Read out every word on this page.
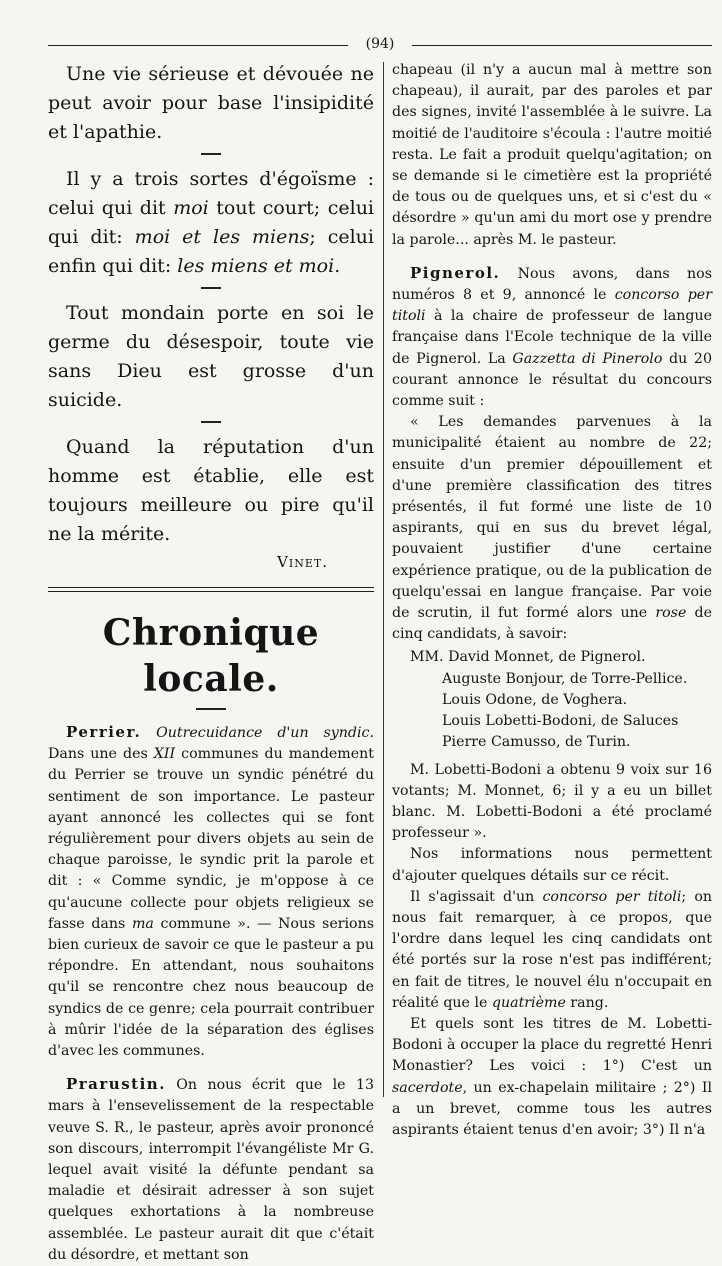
(94)

Une vie sérieuse et dévouée ne peut avoir pour base l'insipidité et l'apathie.

Il y a trois sortes d'égoïsme : celui qui dit moi tout court; celui qui dit: moi et les miens; celui enfin qui dit: les miens et moi.

Tout mondain porte en soi le germe du désespoir, toute vie sans Dieu est grosse d'un suicide.

Quand la réputation d'un homme est établie, elle est toujours meilleure ou pire qu'il ne la mérite.

Vinet.
Chronique locale.

Perrier. Outrecuidance d'un syndic. Dans une des XII communes du mandement du Perrier se trouve un syndic pénétré du sentiment de son importance. Le pasteur ayant annoncé les collectes qui se font régulièrement pour divers objets au sein de chaque paroisse, le syndic prit la parole et dit : « Comme syndic, je m'oppose à ce qu'aucune collecte pour objets religieux se fasse dans ma commune ». — Nous serions bien curieux de savoir ce que le pasteur a pu répondre. En attendant, nous souhaitons qu'il se rencontre chez nous beaucoup de syndics de ce genre; cela pourrait contribuer à mûrir l'idée de la séparation des églises d'avec les communes.

Prarustin. On nous écrit que le 13 mars à l'ensevelissement de la respectable veuve S. R., le pasteur, après avoir prononcé son discours, interrompit l'évangéliste Mr G. lequel avait visité la défunte pendant sa maladie et désirait adresser à son sujet quelques exhortations à la nombreuse assemblée. Le pasteur aurait dit que c'était du désordre, et mettant son

chapeau (il n'y a aucun mal à mettre son chapeau), il aurait, par des paroles et par des signes, invité l'assemblée à le suivre. La moitié de l'auditoire s'écoula : l'autre moitié resta. Le fait a produit quelqu'agitation; on se demande si le cimetière est la propriété de tous ou de quelques uns, et si c'est du « désordre » qu'un ami du mort ose y prendre la parole... après M. le pasteur.

Pignerol. Nous avons, dans nos numéros 8 et 9, annoncé le concorso per titoli à la chaire de professeur de langue française dans l'Ecole technique de la ville de Pignerol. La Gazzetta di Pinerolo du 20 courant annonce le résultat du concours comme suit :

« Les demandes parvenues à la municipalité étaient au nombre de 22; ensuite d'un premier dépouillement et d'une première classification des titres présentés, il fut formé une liste de 10 aspirants, qui en sus du brevet légal, pouvaient justifier d'une certaine expérience pratique, ou de la publication de quelqu'essai en langue française. Par voie de scrutin, il fut formé alors une rose de cinq candidats, à savoir:

MM. David Monnet, de Pignerol.
Auguste Bonjour, de Torre-Pellice.
Louis Odone, de Voghera.
Louis Lobetti-Bodoni, de Saluces
Pierre Camusso, de Turin.

M. Lobetti-Bodoni a obtenu 9 voix sur 16 votants; M. Monnet, 6; il y a eu un billet blanc. M. Lobetti-Bodoni a été proclamé professeur ».

Nos informations nous permettent d'ajouter quelques détails sur ce récit.

Il s'agissait d'un concorso per titoli; on nous fait remarquer, à ce propos, que l'ordre dans lequel les cinq candidats ont été portés sur la rose n'est pas indifférent; en fait de titres, le nouvel élu n'occupait en réalité que le quatrième rang.

Et quels sont les titres de M. Lobetti-Bodoni à occuper la place du regretté Henri Monastier? Les voici : 1°) C'est un sacerdote, un ex-chapelain militaire ; 2°) Il a un brevet, comme tous les autres aspirants étaient tenus d'en avoir; 3°) Il n'a
